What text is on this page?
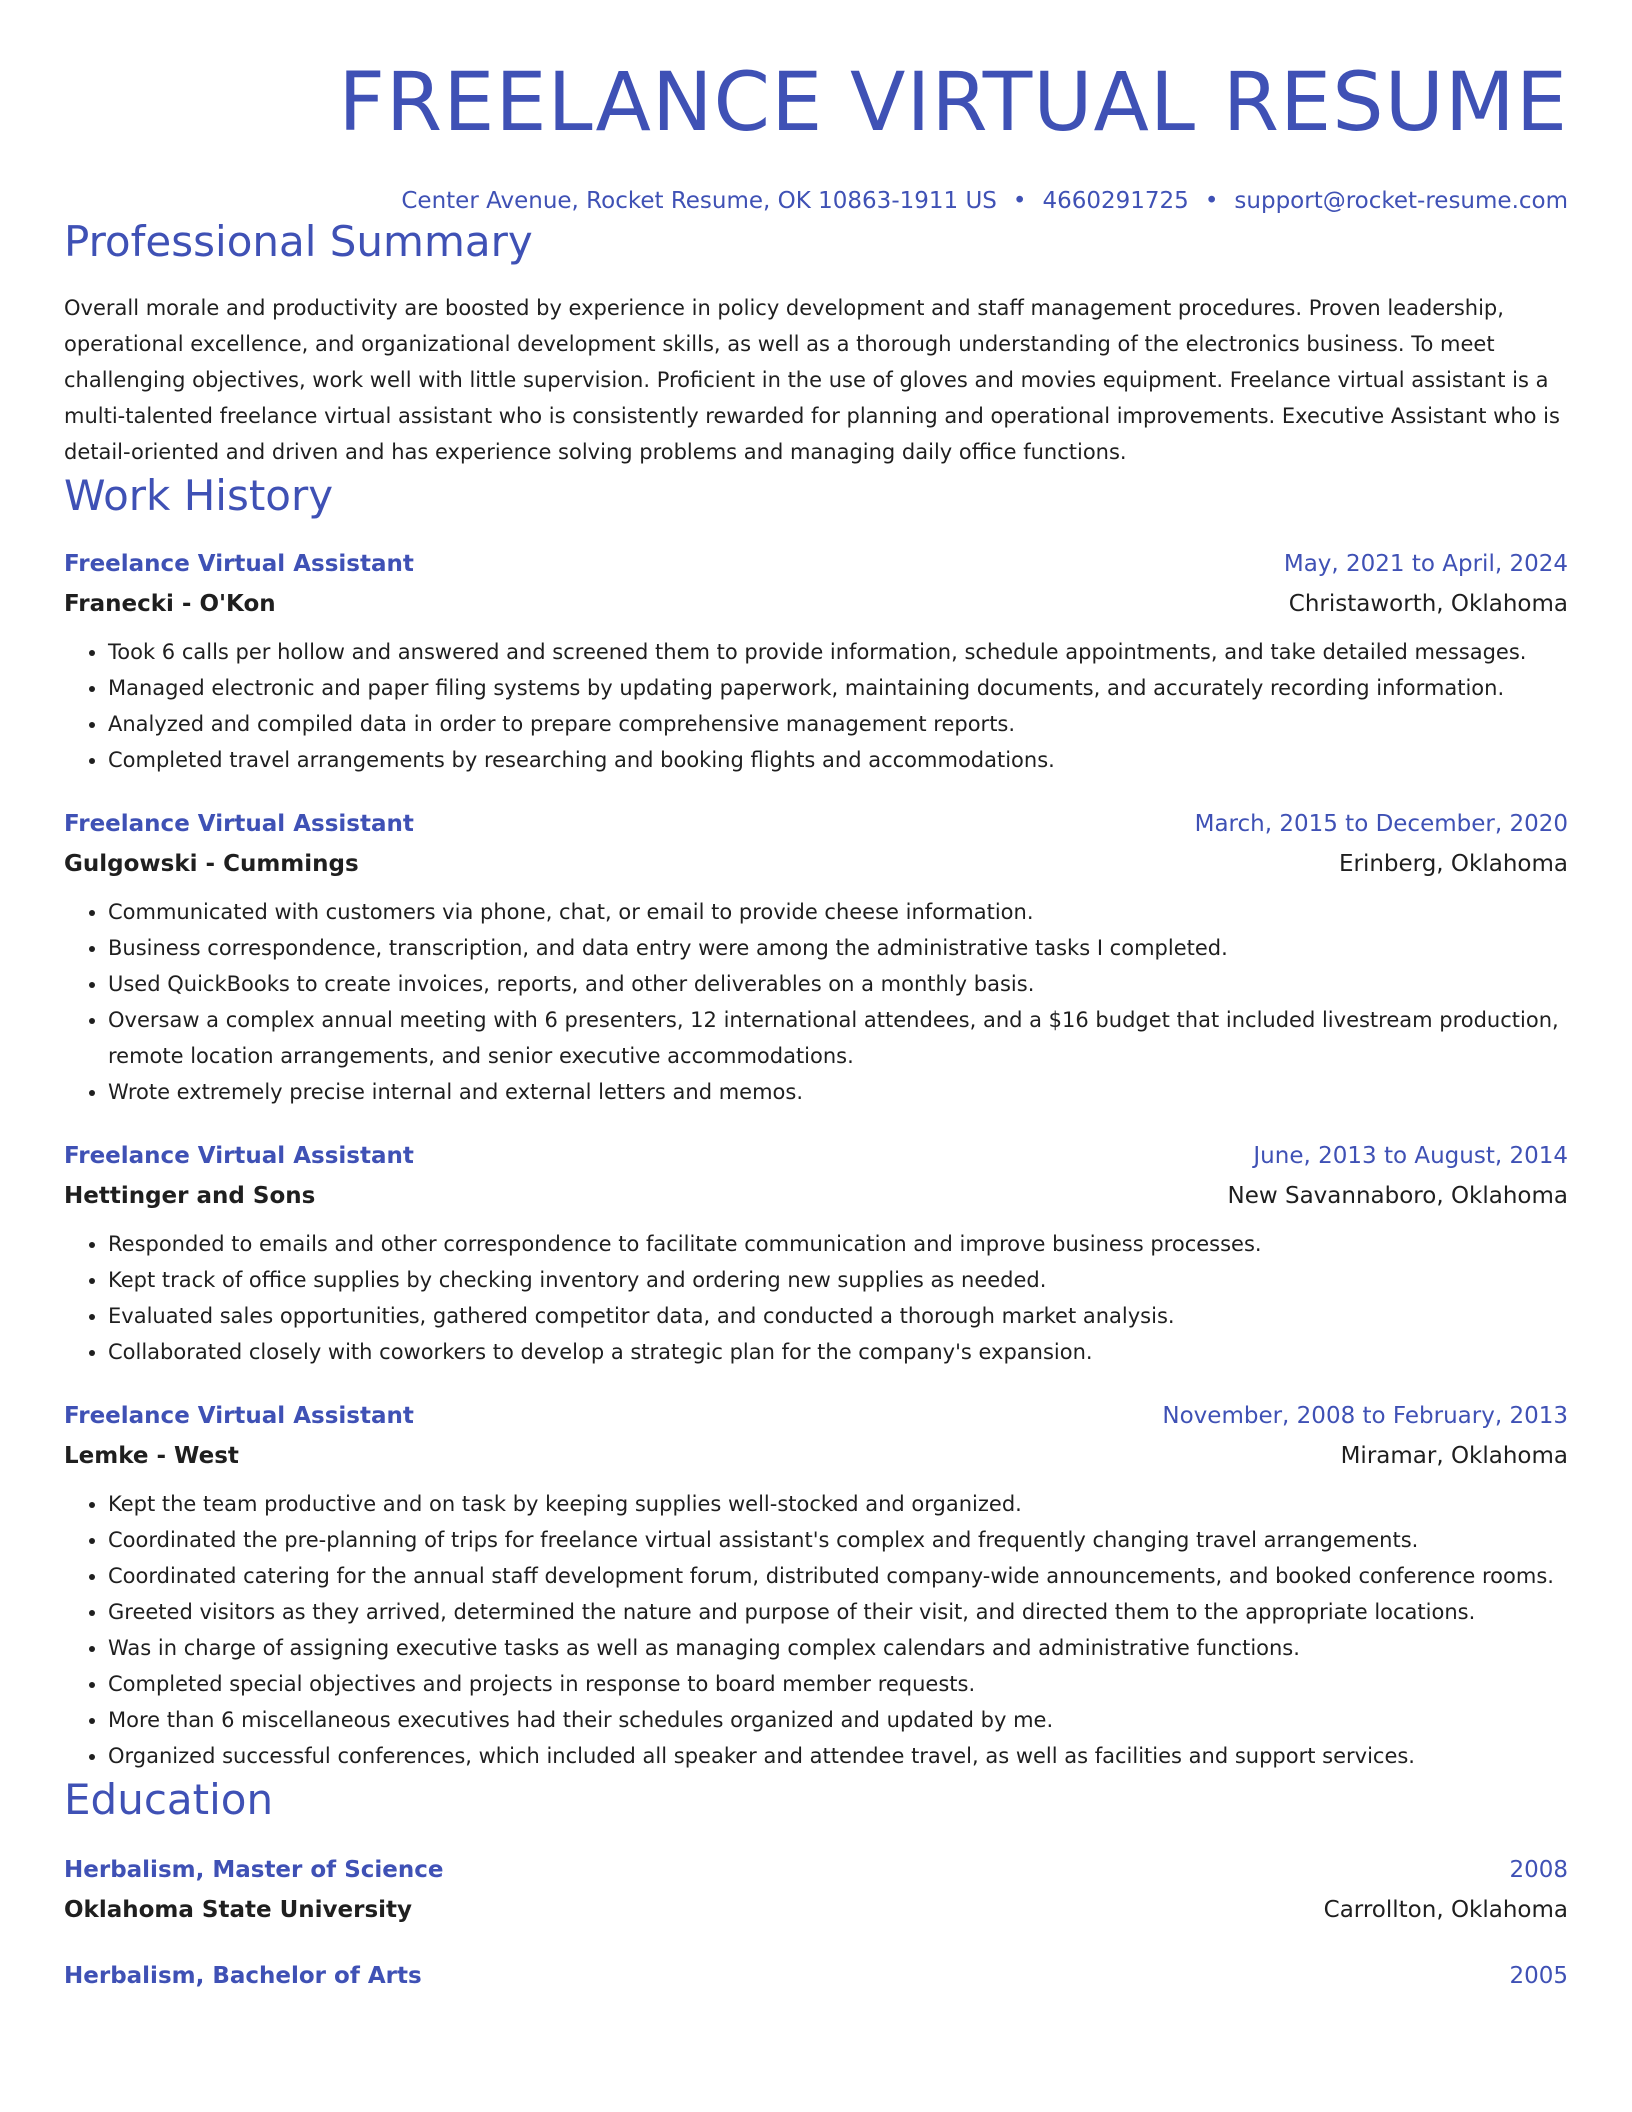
FREELANCE VIRTUAL RESUME
Center Avenue, Rocket Resume, OK 10863-1911 US • 4660291725 • support@rocket-resume.com
Professional Summary

Overall morale and productivity are boosted by experience in policy development and staff management procedures. Proven leadership, operational excellence, and organizational development skills, as well as a thorough understanding of the electronics business. To meet challenging objectives, work well with little supervision. Proficient in the use of gloves and movies equipment. Freelance virtual assistant is a multi-talented freelance virtual assistant who is consistently rewarded for planning and operational improvements. Executive Assistant who is detail-oriented and driven and has experience solving problems and managing daily office functions.

Work History
Freelance Virtual Assistant	May, 2021 to April, 2024
Franecki - O'Kon	Christaworth, Oklahoma
• Took 6 calls per hollow and answered and screened them to provide information, schedule appointments, and take detailed messages.
• Managed electronic and paper filing systems by updating paperwork, maintaining documents, and accurately recording information.
• Analyzed and compiled data in order to prepare comprehensive management reports.
• Completed travel arrangements by researching and booking flights and accommodations.
Freelance Virtual Assistant	March, 2015 to December, 2020
Gulgowski - Cummings	Erinberg, Oklahoma
• Communicated with customers via phone, chat, or email to provide cheese information.
• Business correspondence, transcription, and data entry were among the administrative tasks I completed.
• Used QuickBooks to create invoices, reports, and other deliverables on a monthly basis.
• Oversaw a complex annual meeting with 6 presenters, 12 international attendees, and a $16 budget that included livestream production, remote location arrangements, and senior executive accommodations.
• Wrote extremely precise internal and external letters and memos.
Freelance Virtual Assistant	June, 2013 to August, 2014
Hettinger and Sons	New Savannaboro, Oklahoma
• Responded to emails and other correspondence to facilitate communication and improve business processes.
• Kept track of office supplies by checking inventory and ordering new supplies as needed.
• Evaluated sales opportunities, gathered competitor data, and conducted a thorough market analysis.
• Collaborated closely with coworkers to develop a strategic plan for the company's expansion.
Freelance Virtual Assistant	November, 2008 to February, 2013
Lemke - West	Miramar, Oklahoma
• Kept the team productive and on task by keeping supplies well-stocked and organized.
• Coordinated the pre-planning of trips for freelance virtual assistant's complex and frequently changing travel arrangements.
• Coordinated catering for the annual staff development forum, distributed company-wide announcements, and booked conference rooms.
• Greeted visitors as they arrived, determined the nature and purpose of their visit, and directed them to the appropriate locations.
• Was in charge of assigning executive tasks as well as managing complex calendars and administrative functions.
• Completed special objectives and projects in response to board member requests.
• More than 6 miscellaneous executives had their schedules organized and updated by me.
• Organized successful conferences, which included all speaker and attendee travel, as well as facilities and support services.
Education
Herbalism, Master of Science	2008
Oklahoma State University	Carrollton, Oklahoma
Herbalism, Bachelor of Arts	2005
